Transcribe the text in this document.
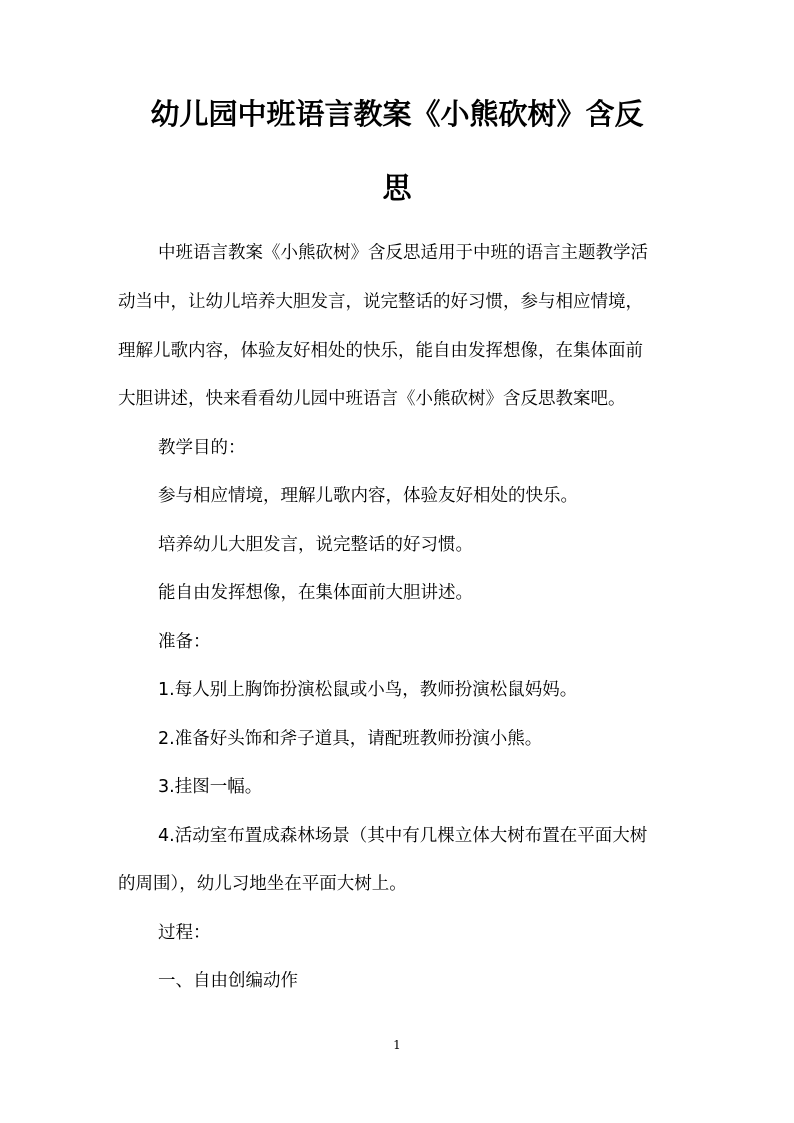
幼儿园中班语言教案《小熊砍树》含反
思

中班语言教案《小熊砍树》含反思适用于中班的语言主题教学活

动当中，让幼儿培养大胆发言，说完整话的好习惯，参与相应情境，

理解儿歌内容，体验友好相处的快乐，能自由发挥想像，在集体面前

大胆讲述，快来看看幼儿园中班语言《小熊砍树》含反思教案吧。

教学目的：

参与相应情境，理解儿歌内容，体验友好相处的快乐。

培养幼儿大胆发言，说完整话的好习惯。

能自由发挥想像，在集体面前大胆讲述。

准备：

1.每人别上胸饰扮演松鼠或小鸟，教师扮演松鼠妈妈。

2.准备好头饰和斧子道具，请配班教师扮演小熊。

3.挂图一幅。

4.活动室布置成森林场景（其中有几棵立体大树布置在平面大树

的周围），幼儿习地坐在平面大树上。

过程：

一、自由创编动作

1
